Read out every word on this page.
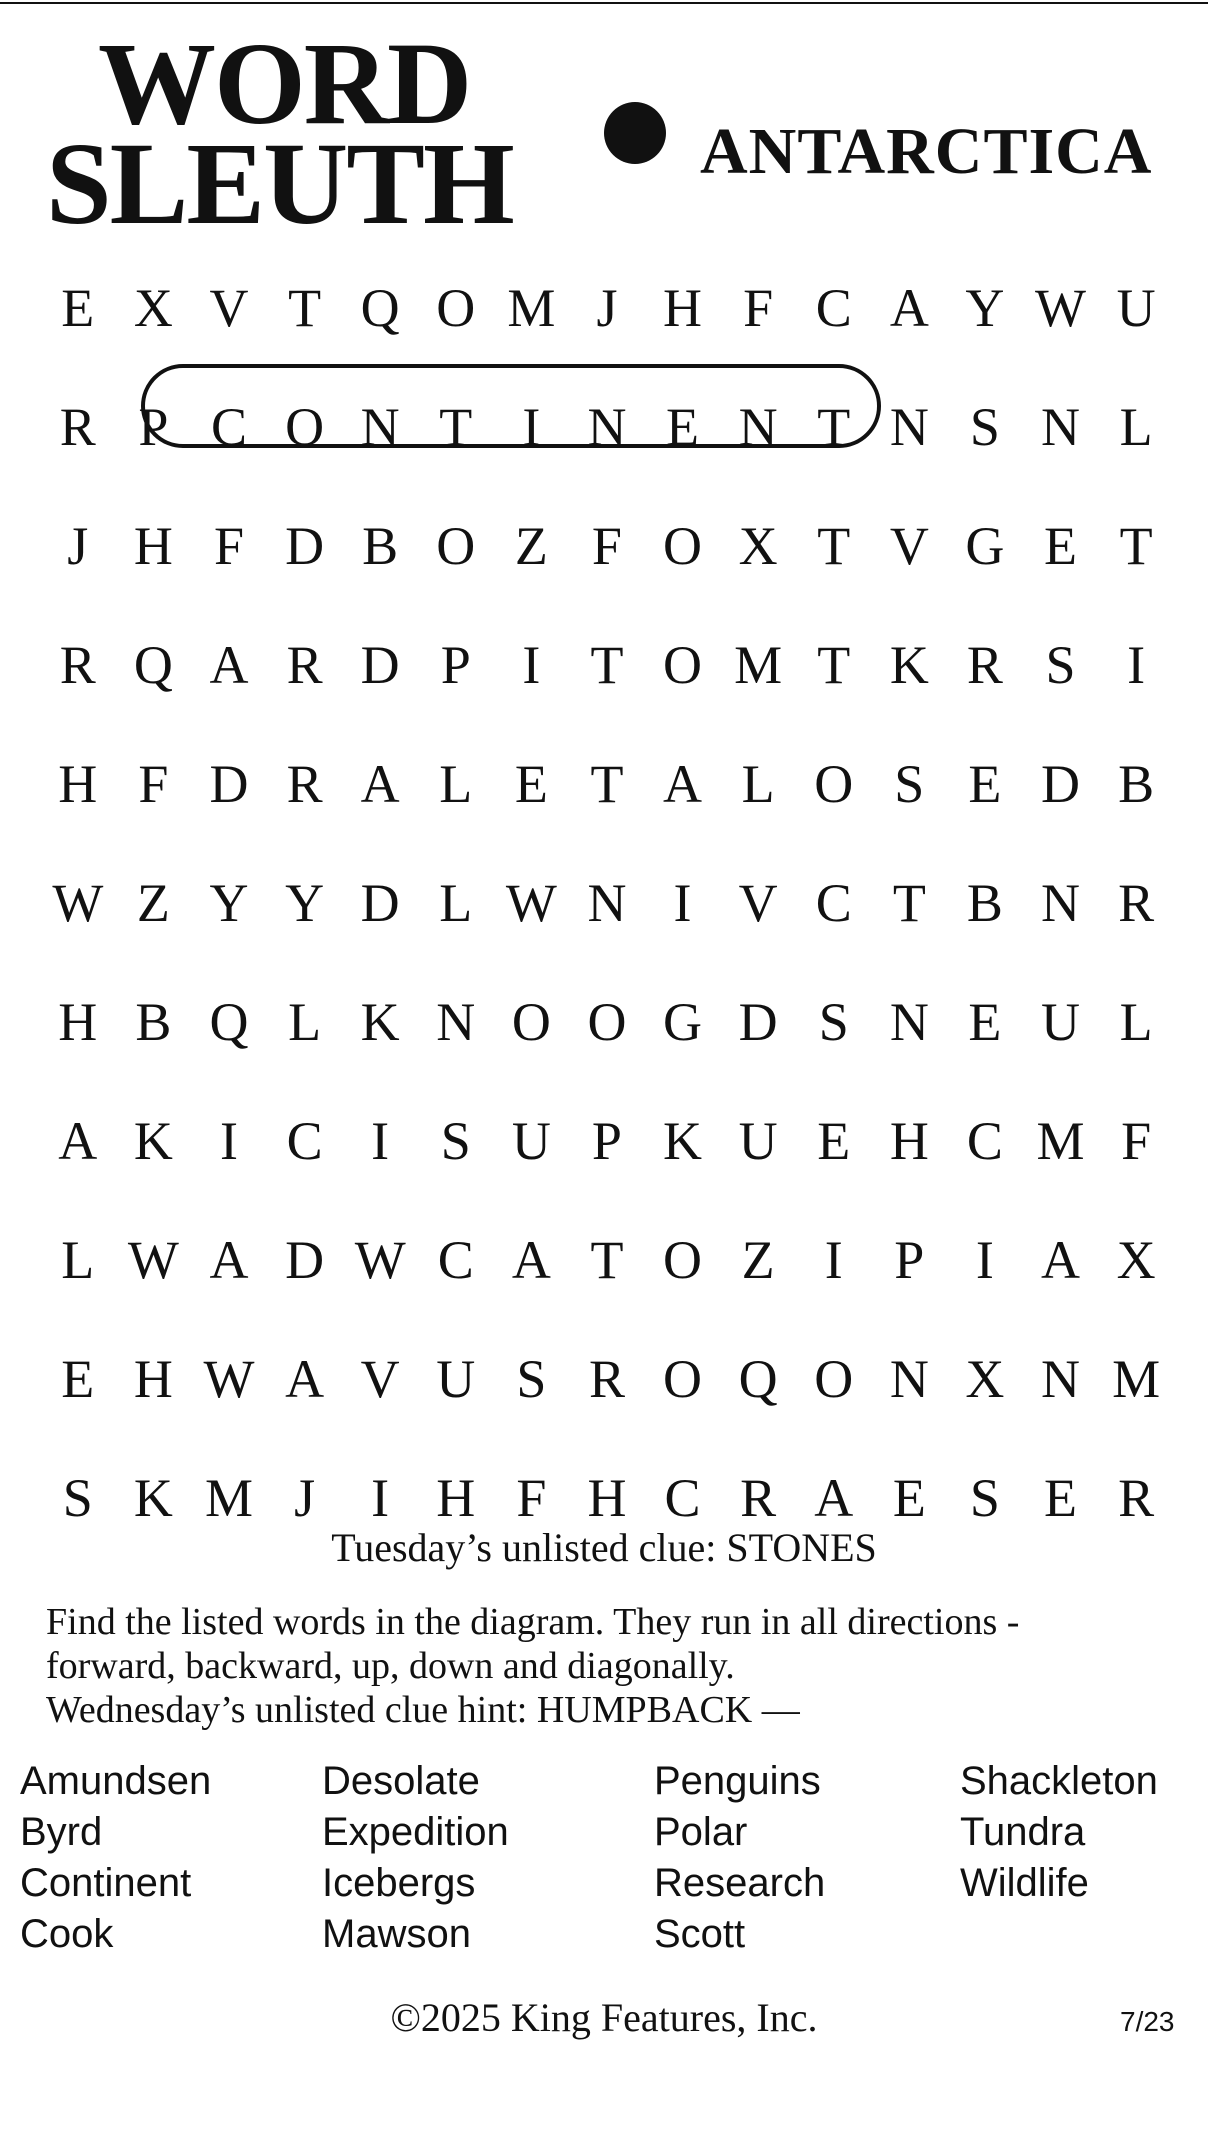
WORD
SLEUTH	ANTARCTICA
E X V T Q O M J H F C A Y W U
R P C O N T I N E N T N S N L
J H F D B O Z F O X T V G E T
R Q A R D P I T O M T K R S I
H F D R A L E T A L O S E D B
W Z Y Y D L W N I V C T B N R
H B Q L K N O O G D S N E U L
A K I C I S U P K U E H C M F
L W A D W C A T O Z I P I A X
E H W A V U S R O Q O N X N M
S K M J	I H F H C R A E S E R
Tuesday’s unlisted clue: STONES
Find the listed words in the diagram. They run in all directions -
forward, backward, up, down and diagonally.
Wednesday’s unlisted clue hint: HUMPBACK —
Amundsen
Byrd
Continent
Cook
Desolate
Expedition
Icebergs
Mawson
Penguins
Polar
Research
Scott
Shackleton
Tundra
Wildlife
©2025 King Features, Inc.	7/23
